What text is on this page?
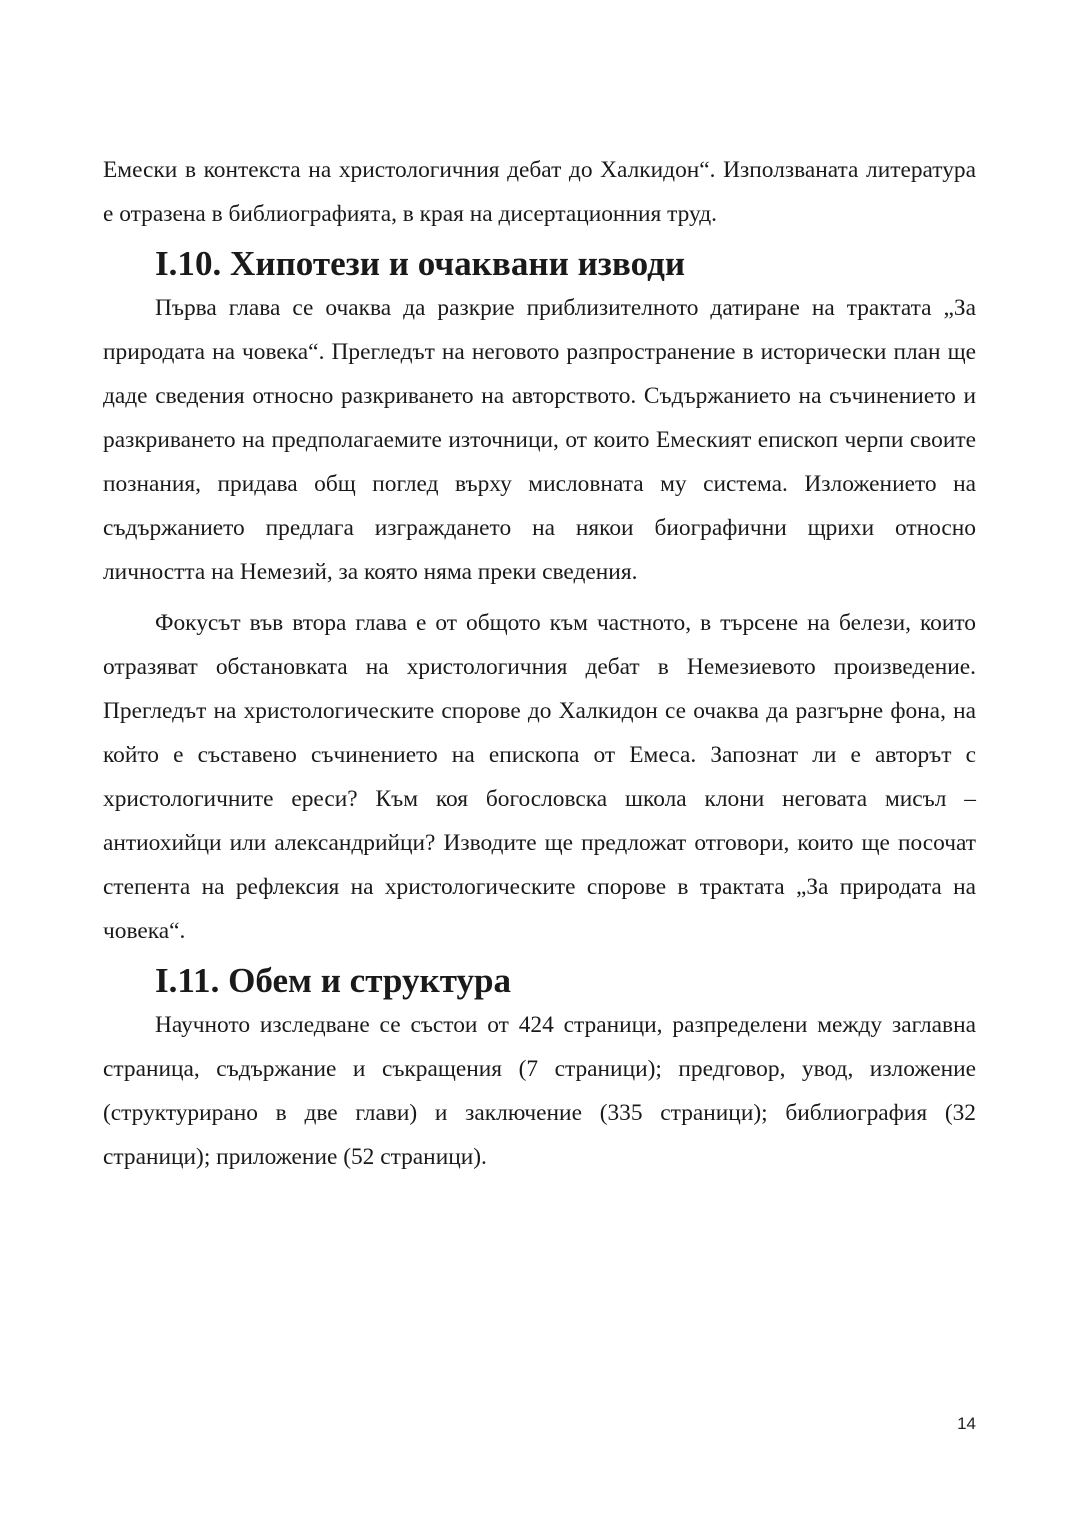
Емески в контекста на христологичния дебат до Халкидон“. Използваната литература е отразена в библиографията, в края на дисертационния труд.

I.10. Хипотези и очаквани изводи

Първа глава се очаква да разкрие приблизителното датиране на трактата „За природата на човека“. Прегледът на неговото разпространение в исторически план ще даде сведения относно разкриването на авторството. Съдържанието на съчинението и разкриването на предполагаемите източници, от които Емеският епископ черпи своите познания, придава общ поглед върху мисловната му система. Изложението на съдържанието предлага изграждането на някои биографични щрихи относно личността на Немезий, за която няма преки сведения.

Фокусът във втора глава е от общото към частното, в търсене на белези, които отразяват обстановката на христологичния дебат в Немезиевото произведение. Прегледът на христологическите спорове до Халкидон се очаква да разгърне фона, на който е съставено съчинението на епископа от Емеса. Запознат ли е авторът с христологичните ереси? Към коя богословска школа клони неговата мисъл – антиохийци или александрийци? Изводите ще предложат отговори, които ще посочат степента на рефлексия на христологическите спорове в трактата „За природата на човека“.

I.11. Обем и структура

Научното изследване се състои от 424 страници, разпределени между заглавна страница, съдържание и съкращения (7 страници); предговор, увод, изложение (структурирано в две глави) и заключение (335 страници); библиография (32 страници); приложение (52 страници).

14
